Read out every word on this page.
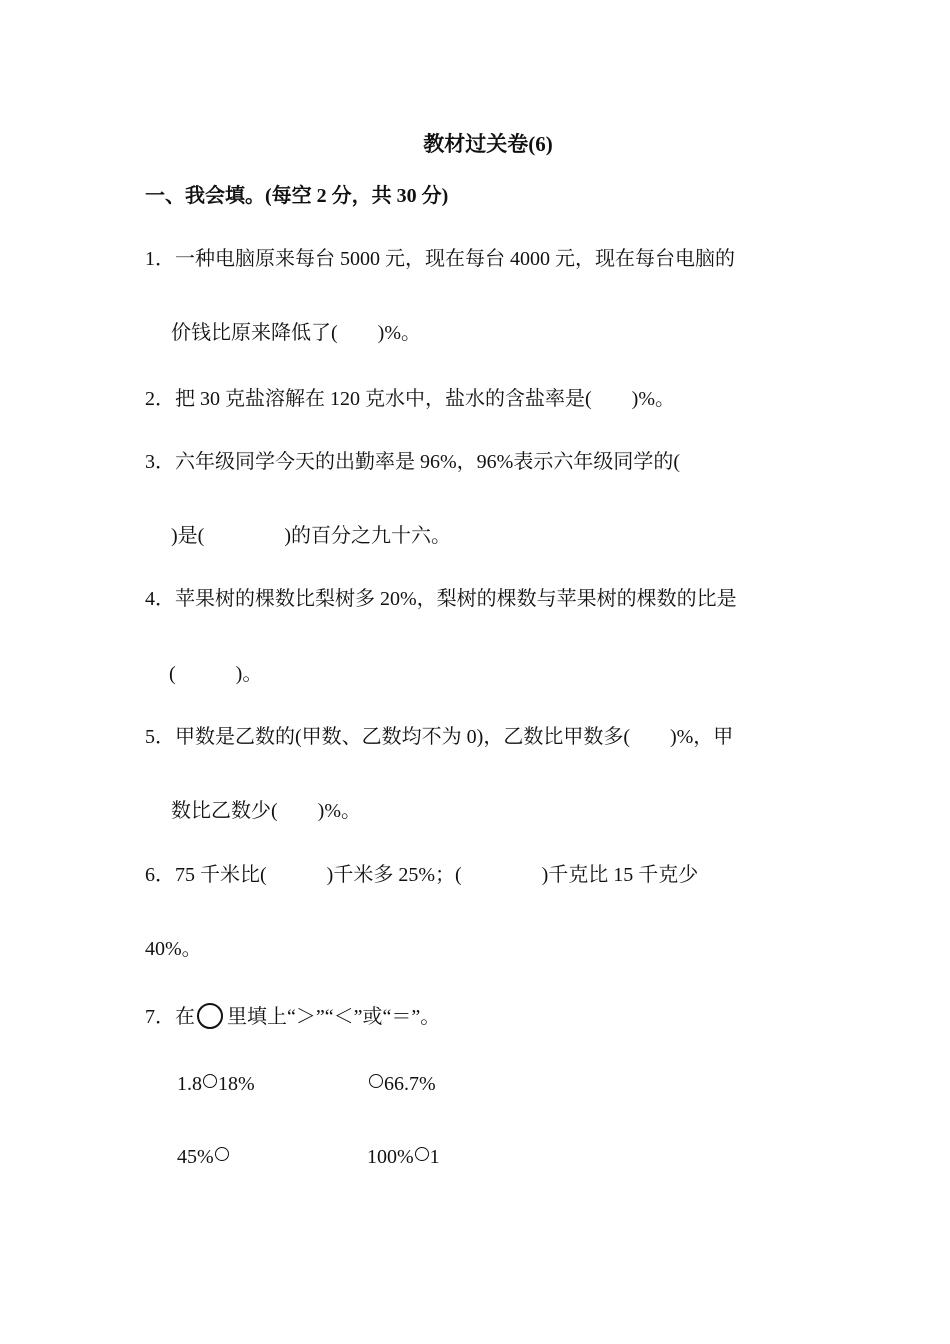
教材过关卷(6)
一、我会填。(每空 2 分，共 30 分)
1．一种电脑原来每台 5000 元，现在每台 4000 元，现在每台电脑的
价钱比原来降低了(　　)%。
2．把 30 克盐溶解在 120 克水中，盐水的含盐率是(　　)%。
3．六年级同学今天的出勤率是 96%，96%表示六年级同学的(
)是(　　　　)的百分之九十六。
4．苹果树的棵数比梨树多 20%，梨树的棵数与苹果树的棵数的比是
(　　　)。
5．甲数是乙数的(甲数、乙数均不为 0)，乙数比甲数多(　　)%，甲
数比乙数少(　　)%。
6．75 千米比(　　　)千米多 25%；(　　　　)千克比 15 千克少
40%。
7．在 里填上“＞”“＜”或“＝”。
1.8 18%	66.7%
45%	100% 1
